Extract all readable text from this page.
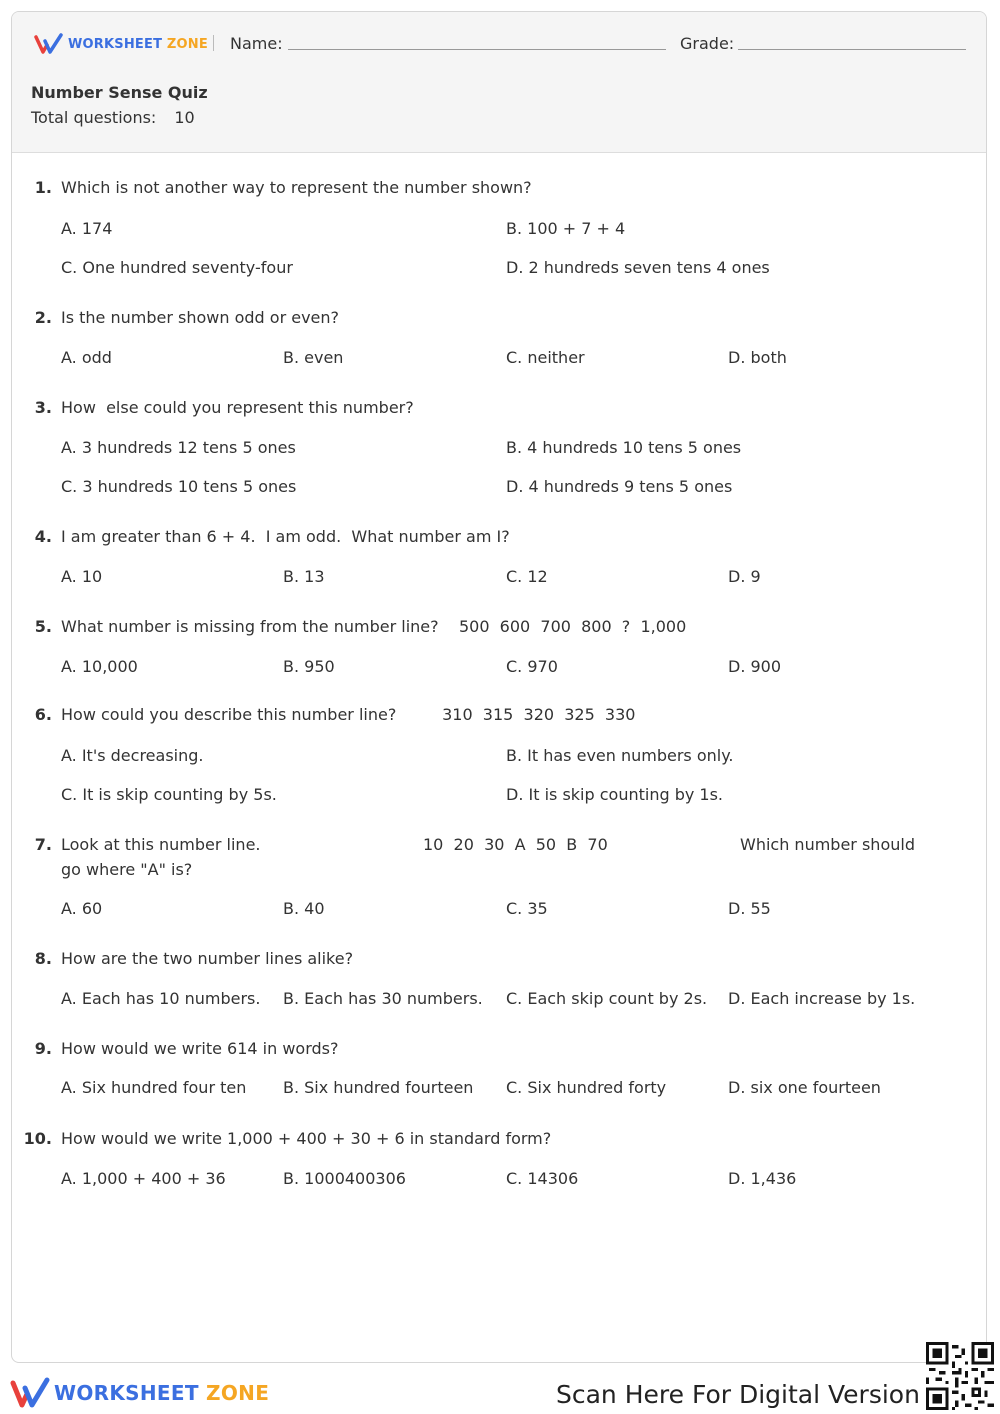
WORKSHEET ZONE Name:	Grade:
Number Sense Quiz
Total questions: 10
1. Which is not another way to represent the number shown?
A. 174	B. 100 + 7 + 4
C. One hundred seventy-four	D. 2 hundreds seven tens 4 ones
2. Is the number shown odd or even?
A. odd	B. even	C. neither	D. both
3. How  else could you represent this number?
A. 3 hundreds 12 tens 5 ones	B. 4 hundreds 10 tens 5 ones
C. 3 hundreds 10 tens 5 ones	D. 4 hundreds 9 tens 5 ones
4. I am greater than 6 + 4.  I am odd.  What number am I?
A. 10	B. 13	C. 12	D. 9
5. What number is missing from the number line?    500  600  700  800  ?  1,000
A. 10,000	B. 950	C. 970	D. 900
6. How could you describe this number line?         310  315  320  325  330
A. It's decreasing.	B. It has even numbers only.
C. It is skip counting by 5s.	D. It is skip counting by 1s.
7. Look at this number line.	10  20  30  A  50  B  70	Which number should
go where "A" is?
A. 60	B. 40	C. 35	D. 55
8. How are the two number lines alike?
A. Each has 10 numbers. B. Each has 30 numbers. C. Each skip count by 2s. D. Each increase by 1s.
9. How would we write 614 in words?
A. Six hundred four ten B. Six hundred fourteen C. Six hundred forty	D. six one fourteen
10. How would we write 1,000 + 400 + 30 + 6 in standard form?
A. 1,000 + 400 + 36	B. 1000400306	C. 14306	D. 1,436
WORKSHEET ZONE	Scan Here For Digital Version
